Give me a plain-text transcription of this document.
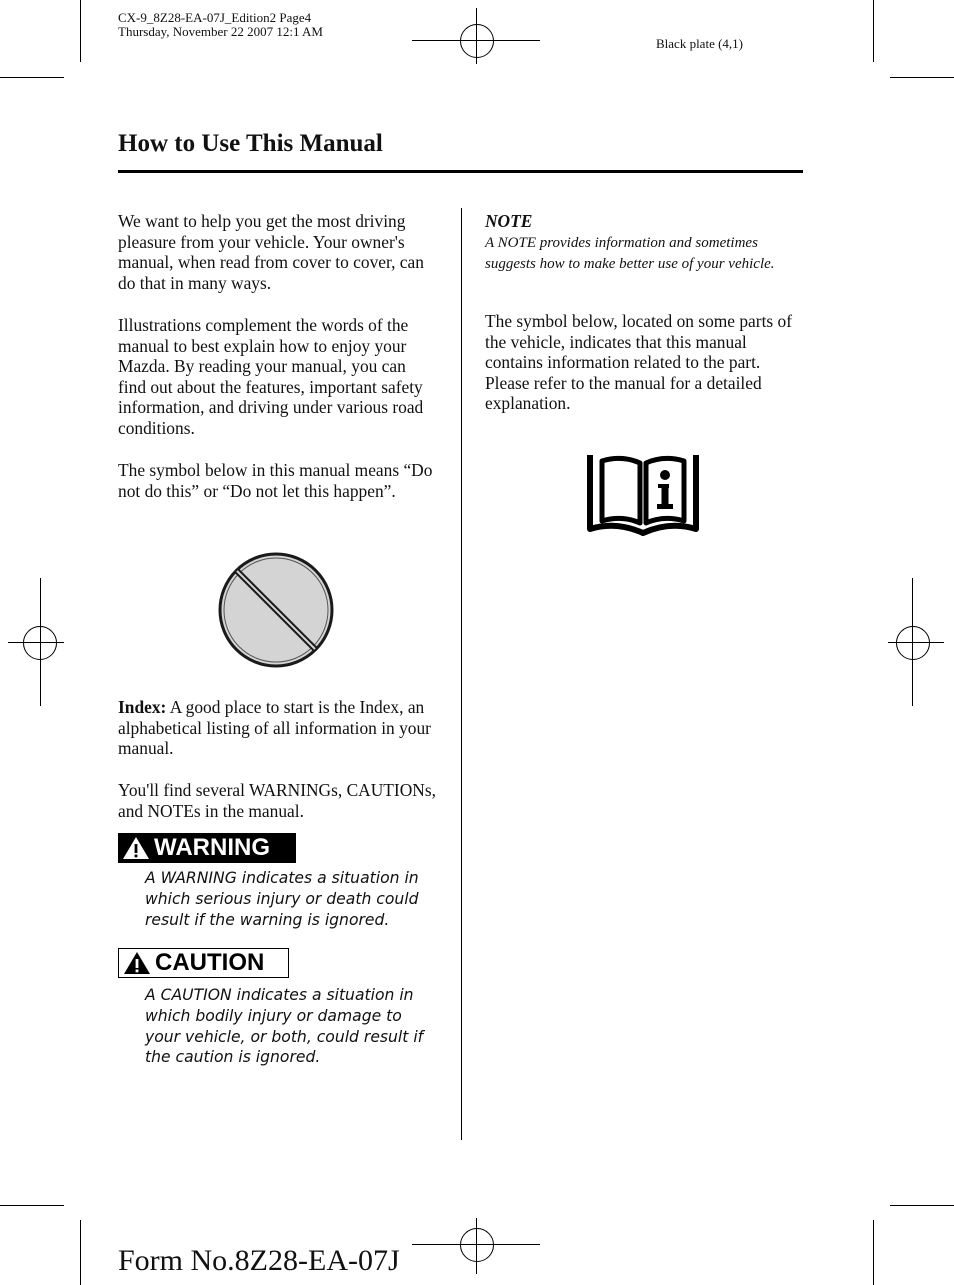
CX-9_8Z28-EA-07J_Edition2 Page4
Thursday, November 22 2007 12:1 AM
Black plate (4,1)
How to Use This Manual

We want to help you get the most driving pleasure from your vehicle. Your owner's manual, when read from cover to cover, can do that in many ways.

Illustrations complement the words of the manual to best explain how to enjoy your Mazda. By reading your manual, you can find out about the features, important safety information, and driving under various road conditions.

The symbol below in this manual means “Do not do this” or “Do not let this happen”.

Index: A good place to start is the Index, an alphabetical listing of all information in your manual.

You'll find several WARNINGs, CAUTIONs, and NOTEs in the manual.

WARNING

A WARNING indicates a situation in which serious injury or death could result if the warning is ignored.

CAUTION

A CAUTION indicates a situation in which bodily injury or damage to your vehicle, or both, could result if the caution is ignored.

NOTE

A NOTE provides information and sometimes suggests how to make better use of your vehicle.

The symbol below, located on some parts of the vehicle, indicates that this manual contains information related to the part. Please refer to the manual for a detailed explanation.

Form No.8Z28-EA-07J
